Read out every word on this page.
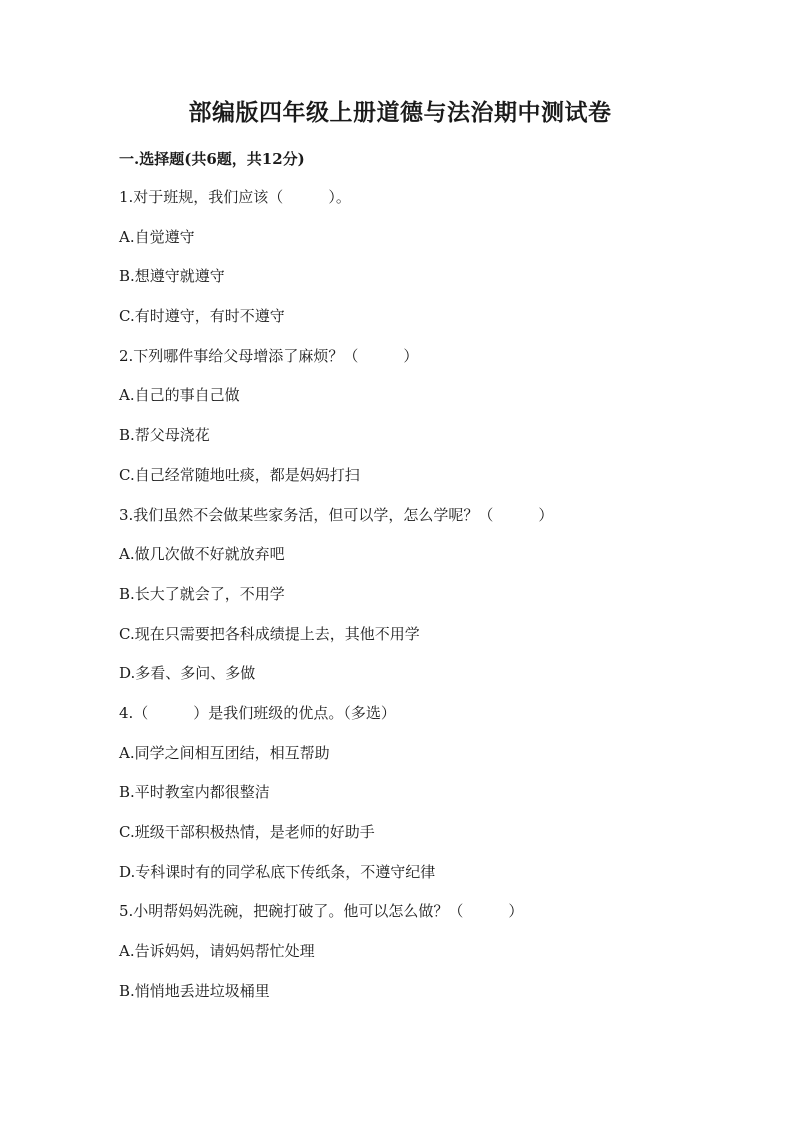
部编版四年级上册道德与法治期中测试卷
一.选择题(共6题，共12分)
1.对于班规，我们应该（　　　）。
A.自觉遵守
B.想遵守就遵守
C.有时遵守，有时不遵守
2.下列哪件事给父母增添了麻烦？（　　　）
A.自己的事自己做
B.帮父母浇花
C.自己经常随地吐痰，都是妈妈打扫
3.我们虽然不会做某些家务活，但可以学，怎么学呢？（　　　）
A.做几次做不好就放弃吧
B.长大了就会了，不用学
C.现在只需要把各科成绩提上去，其他不用学
D.多看、多问、多做
4.（　　　）是我们班级的优点。（多选）
A.同学之间相互团结，相互帮助
B.平时教室内都很整洁
C.班级干部积极热情，是老师的好助手
D.专科课时有的同学私底下传纸条，不遵守纪律
5.小明帮妈妈洗碗，把碗打破了。他可以怎么做？（　　　）
A.告诉妈妈，请妈妈帮忙处理
B.悄悄地丢进垃圾桶里
